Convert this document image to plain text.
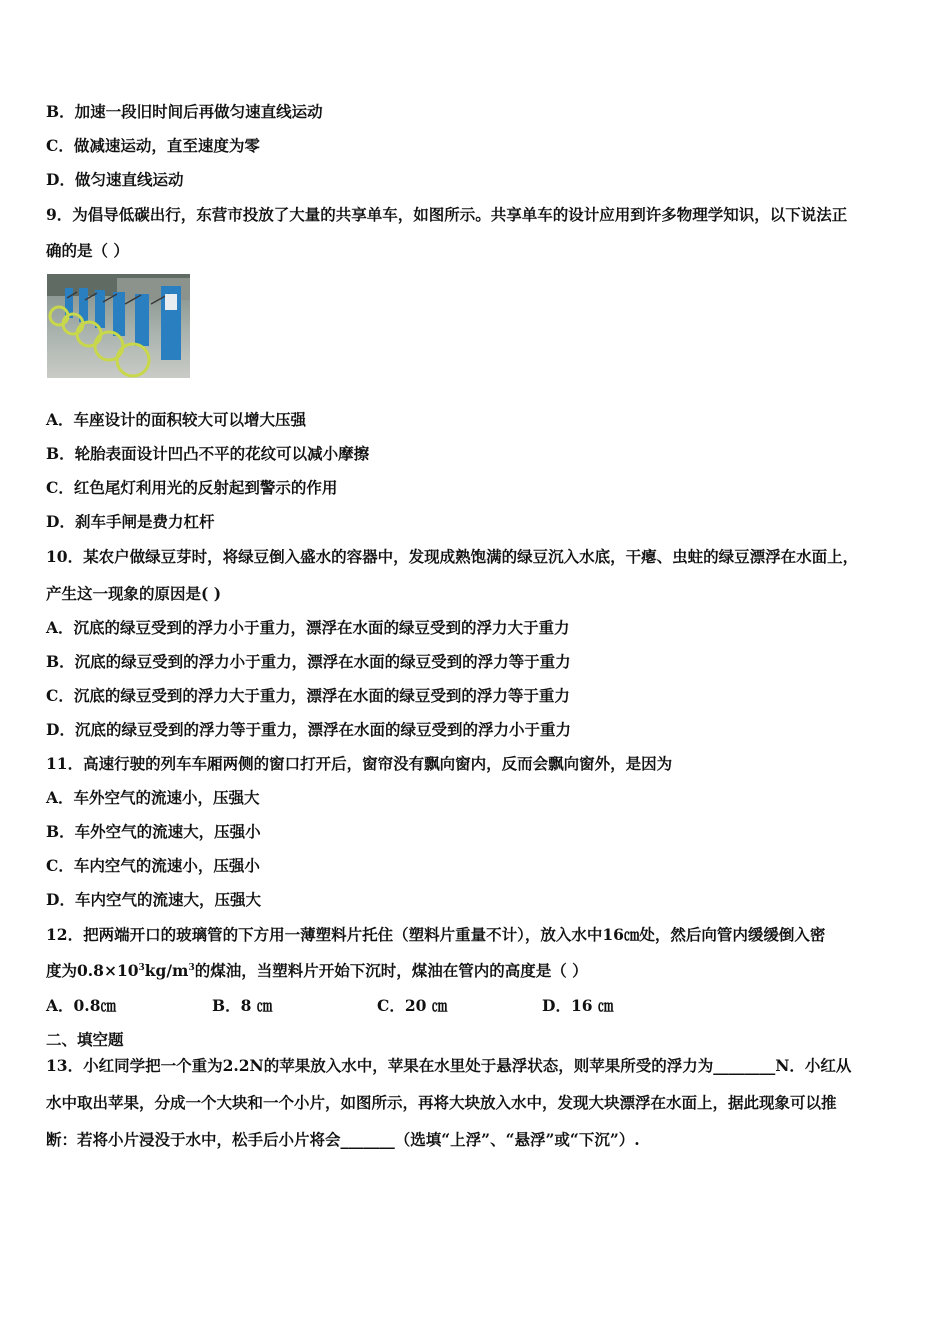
B．加速一段旧时间后再做匀速直线运动
C．做减速运动，直至速度为零
D．做匀速直线运动
9．为倡导低碳出行，东营市投放了大量的共享单车，如图所示。共享单车的设计应用到许多物理学知识，以下说法正
确的是（ ）
A．车座设计的面积较大可以增大压强
B．轮胎表面设计凹凸不平的花纹可以减小摩擦
C．红色尾灯利用光的反射起到警示的作用
D．刹车手闸是费力杠杆
10．某农户做绿豆芽时，将绿豆倒入盛水的容器中，发现成熟饱满的绿豆沉入水底，干瘪、虫蛀的绿豆漂浮在水面上，
产生这一现象的原因是( )
A．沉底的绿豆受到的浮力小于重力，漂浮在水面的绿豆受到的浮力大于重力
B．沉底的绿豆受到的浮力小于重力，漂浮在水面的绿豆受到的浮力等于重力
C．沉底的绿豆受到的浮力大于重力，漂浮在水面的绿豆受到的浮力等于重力
D．沉底的绿豆受到的浮力等于重力，漂浮在水面的绿豆受到的浮力小于重力
11．高速行驶的列车车厢两侧的窗口打开后，窗帘没有飘向窗内，反而会飘向窗外，是因为
A．车外空气的流速小，压强大
B．车外空气的流速大，压强小
C．车内空气的流速小，压强小
D．车内空气的流速大，压强大
12．把两端开口的玻璃管的下方用一薄塑料片托住（塑料片重量不计），放入水中16㎝处，然后向管内缓缓倒入密
度为$0.8\times 10^3kg/m^3$的煤油，当塑料片开始下沉时，煤油在管内的高度是（ ）
A．0.8㎝	B．8 ㎝	C．20 ㎝	D．16 ㎝
二、填空题
13．小红同学把一个重为2.2N的苹果放入水中，苹果在水里处于悬浮状态，则苹果所受的浮力为________N．小红从
水中取出苹果，分成一个大块和一个小片，如图所示，再将大块放入水中，发现大块漂浮在水面上，据此现象可以推
断：若将小片浸没于水中，松手后小片将会_______（选填“上浮”、“悬浮”或“下沉”）.
